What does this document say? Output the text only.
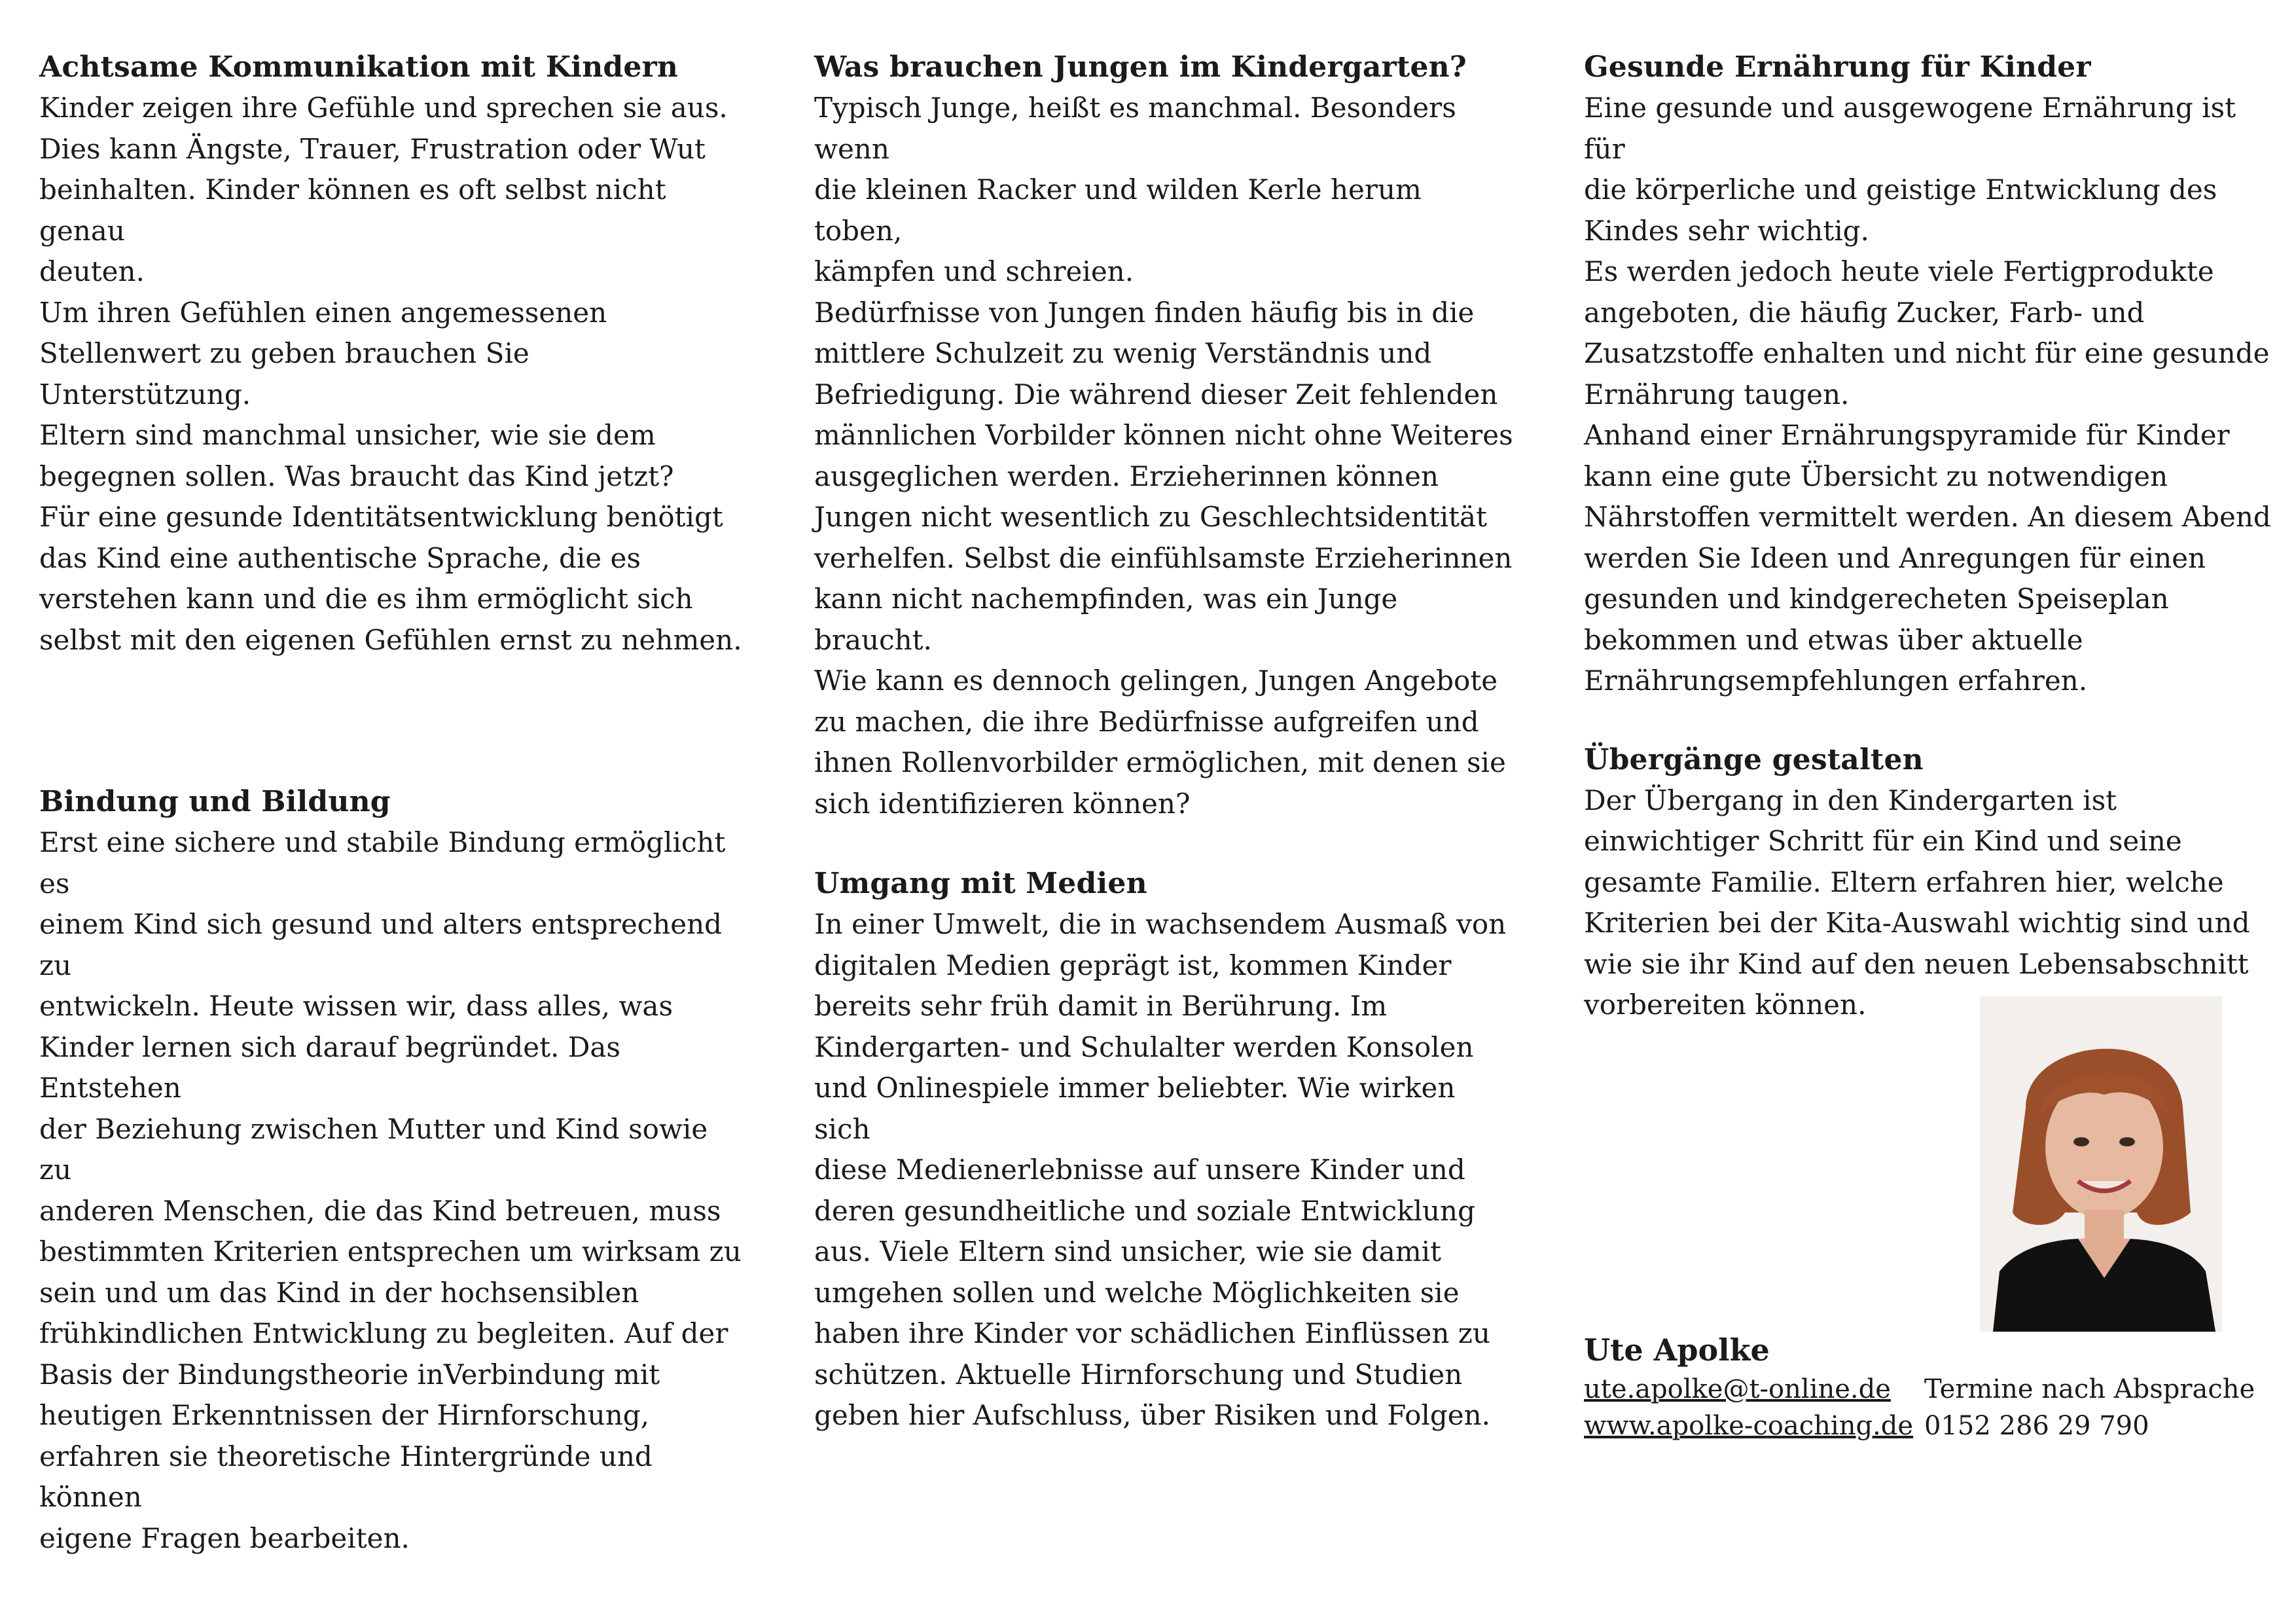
Achtsame Kommunikation mit Kindern

Kinder zeigen ihre Gefühle und sprechen sie aus.

Dies kann Ängste, Trauer, Frustration oder Wut

beinhalten. Kinder können es oft selbst nicht genau

deuten.

Um ihren Gefühlen einen angemessenen

Stellenwert zu geben brauchen Sie Unterstützung.

Eltern sind manchmal unsicher, wie sie dem

begegnen sollen. Was braucht das Kind jetzt?

Für eine gesunde Identitätsentwicklung benötigt

das Kind eine authentische Sprache, die es

verstehen kann und die es ihm ermöglicht sich

selbst mit den eigenen Gefühlen ernst zu nehmen.

Bindung und Bildung

Erst eine sichere und stabile Bindung ermöglicht es

einem Kind sich gesund und alters entsprechend zu

entwickeln. Heute wissen wir, dass alles, was

Kinder lernen sich darauf begründet. Das Entstehen

der Beziehung zwischen Mutter und Kind sowie zu

anderen Menschen, die das Kind betreuen, muss

bestimmten Kriterien entsprechen um wirksam zu

sein und um das Kind in der hochsensiblen

frühkindlichen Entwicklung zu begleiten. Auf der

Basis der Bindungstheorie inVerbindung mit

heutigen Erkenntnissen der Hirnforschung,

erfahren sie theoretische Hintergründe und können

eigene Fragen bearbeiten.

Was brauchen Jungen im Kindergarten?

Typisch Junge, heißt es manchmal. Besonders wenn

die kleinen Racker und wilden Kerle herum toben,

kämpfen und schreien.

Bedürfnisse von Jungen finden häufig bis in die

mittlere Schulzeit zu wenig Verständnis und

Befriedigung. Die während dieser Zeit fehlenden

männlichen Vorbilder können nicht ohne Weiteres

ausgeglichen werden. Erzieherinnen können

Jungen nicht wesentlich zu Geschlechtsidentität

verhelfen. Selbst die einfühlsamste Erzieherinnen

kann nicht nachempfinden, was ein Junge braucht.

Wie kann es dennoch gelingen, Jungen Angebote

zu machen, die ihre Bedürfnisse aufgreifen und

ihnen Rollenvorbilder ermöglichen, mit denen sie

sich identifizieren können?

Umgang mit Medien

In einer Umwelt, die in wachsendem Ausmaß von

digitalen Medien geprägt ist, kommen Kinder

bereits sehr früh damit in Berührung. Im

Kindergarten- und Schulalter werden Konsolen

und Onlinespiele immer beliebter. Wie wirken sich

diese Medienerlebnisse auf unsere Kinder und

deren gesundheitliche und soziale Entwicklung

aus. Viele Eltern sind unsicher, wie sie damit

umgehen sollen und welche Möglichkeiten sie

haben ihre Kinder vor schädlichen Einflüssen zu

schützen. Aktuelle Hirnforschung und Studien

geben hier Aufschluss, über Risiken und Folgen.

Gesunde Ernährung für Kinder

Eine gesunde und ausgewogene Ernährung ist für

die körperliche und geistige Entwicklung des

Kindes sehr wichtig.

Es werden jedoch heute viele Fertigprodukte

angeboten, die häufig Zucker, Farb- und

Zusatzstoffe enhalten und nicht für eine gesunde

Ernährung taugen.

Anhand einer Ernährungspyramide für Kinder

kann eine gute Übersicht zu notwendigen

Nährstoffen vermittelt werden. An diesem Abend

werden Sie Ideen und Anregungen für einen

gesunden und kindgerecheten Speiseplan

bekommen und etwas über aktuelle

Ernährungsempfehlungen erfahren.

Übergänge gestalten

Der Übergang in den Kindergarten ist

einwichtiger Schritt für ein Kind und seine

gesamte Familie. Eltern erfahren hier, welche

Kriterien bei der Kita-Auswahl wichtig sind und

wie sie ihr Kind auf den neuen Lebensabschnitt

vorbereiten können.

Ute Apolke

ute.apolke@t-online.de	Termine nach Absprache
www.apolke-coaching.de 0152 286 29 790
